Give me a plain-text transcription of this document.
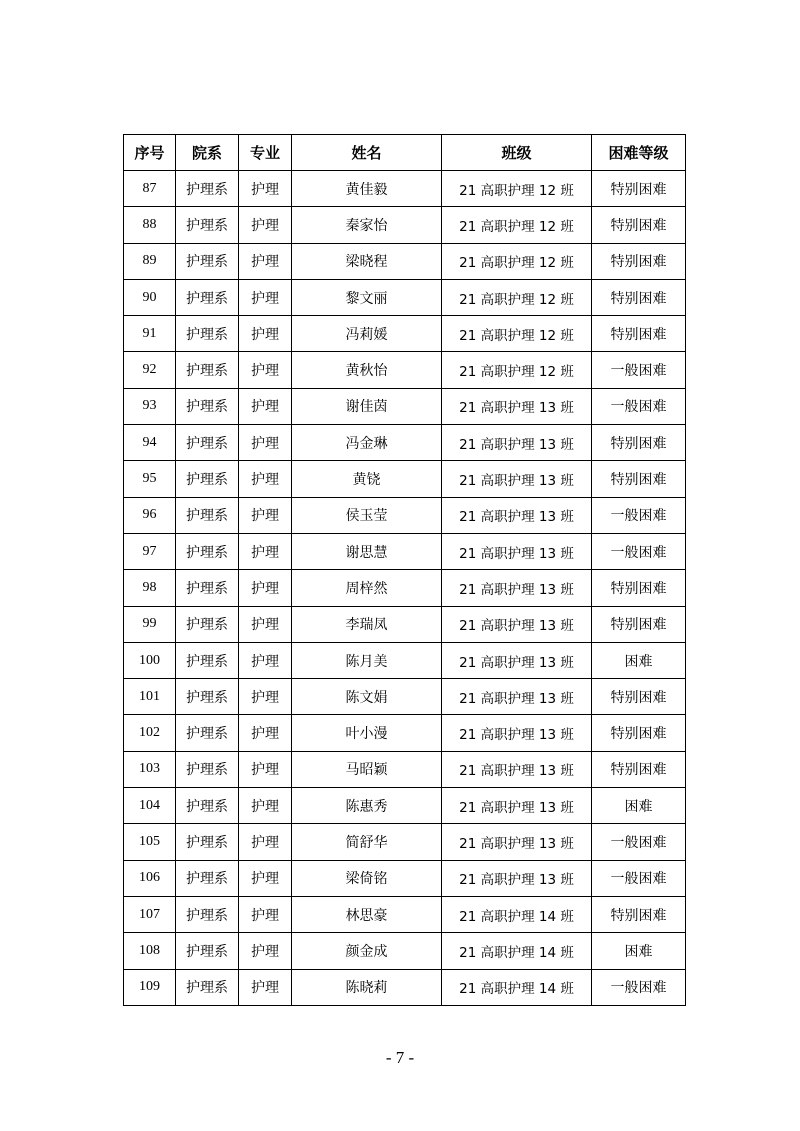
序号	院系	专业	姓名	班级	困难等级
87	护理系	护理	黄佳毅	21 高职护理 12 班	特别困难
88	护理系	护理	秦家怡	21 高职护理 12 班	特别困难
89	护理系	护理	梁晓程	21 高职护理 12 班	特别困难
90	护理系	护理	黎文丽	21 高职护理 12 班	特别困难
91	护理系	护理	冯莉媛	21 高职护理 12 班	特别困难
92	护理系	护理	黄秋怡	21 高职护理 12 班	一般困难
93	护理系	护理	谢佳茵	21 高职护理 13 班	一般困难
94	护理系	护理	冯金琳	21 高职护理 13 班	特别困难
95	护理系	护理	黄铙	21 高职护理 13 班	特别困难
96	护理系	护理	侯玉莹	21 高职护理 13 班	一般困难
97	护理系	护理	谢思慧	21 高职护理 13 班	一般困难
98	护理系	护理	周梓然	21 高职护理 13 班	特别困难
99	护理系	护理	李瑞凤	21 高职护理 13 班	特别困难
100	护理系	护理	陈月美	21 高职护理 13 班	困难
101	护理系	护理	陈文娟	21 高职护理 13 班	特别困难
102	护理系	护理	叶小漫	21 高职护理 13 班	特别困难
103	护理系	护理	马昭颖	21 高职护理 13 班	特别困难
104	护理系	护理	陈惠秀	21 高职护理 13 班	困难
105	护理系	护理	简舒华	21 高职护理 13 班	一般困难
106	护理系	护理	梁倚铭	21 高职护理 13 班	一般困难
107	护理系	护理	林思豪	21 高职护理 14 班	特别困难
108	护理系	护理	颜金成	21 高职护理 14 班	困难
109	护理系	护理	陈晓莉	21 高职护理 14 班	一般困难
- 7 -
